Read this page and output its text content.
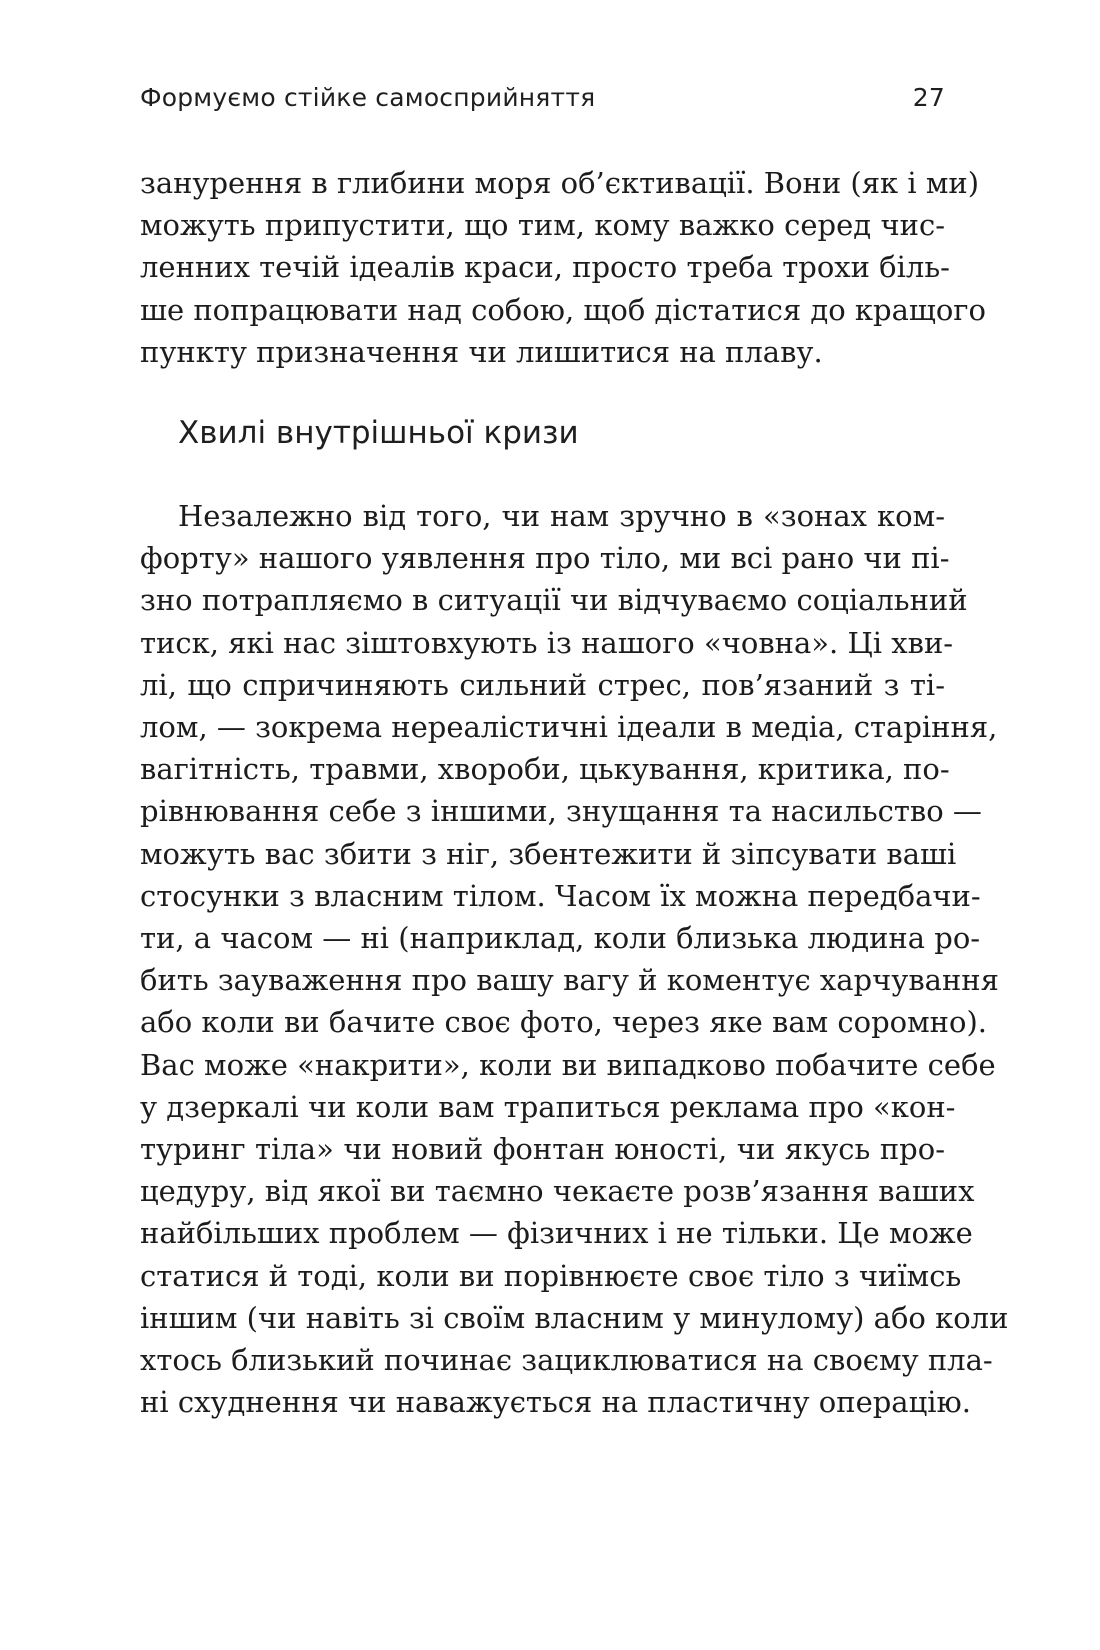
Формуємо стійке самосприйняття	27

занурення в глибини моря об’єктивації. Вони (як і ми)
можуть припустити, що тим, кому важко серед чис-
ленних течій ідеалів краси, просто треба трохи біль-
ше попрацювати над собою, щоб дістатися до кращого
пункту призначення чи лишитися на плаву.

Хвилі внутрішньої кризи

Незалежно від того, чи нам зручно в «зонах ком-
форту» нашого уявлення про тіло, ми всі рано чи пі-
зно потрапляємо в ситуації чи відчуваємо соціальний
тиск, які нас зіштовхують із нашого «човна». Ці хви-
лі, що спричиняють сильний стрес, пов’язаний з ті-
лом, — зокрема нереалістичні ідеали в медіа, старіння,
вагітність, травми, хвороби, цькування, критика, по-
рівнювання себе з іншими, знущання та насильство —
можуть вас збити з ніг, збентежити й зіпсувати ваші
стосунки з власним тілом. Часом їх можна передбачи-
ти, а часом — ні (наприклад, коли близька людина ро-
бить зауваження про вашу вагу й коментує харчування
або коли ви бачите своє фото, через яке вам соромно).
Вас може «накрити», коли ви випадково побачите себе
у дзеркалі чи коли вам трапиться реклама про «кон-
туринг тіла» чи новий фонтан юності, чи якусь про-
цедуру, від якої ви таємно чекаєте розв’язання ваших
найбільших проблем — фізичних і не тільки. Це може
статися й тоді, коли ви порівнюєте своє тіло з чиїмсь
іншим (чи навіть зі своїм власним у минулому) або коли
хтось близький починає зациклюватися на своєму пла-
ні схуднення чи наважується на пластичну операцію.
